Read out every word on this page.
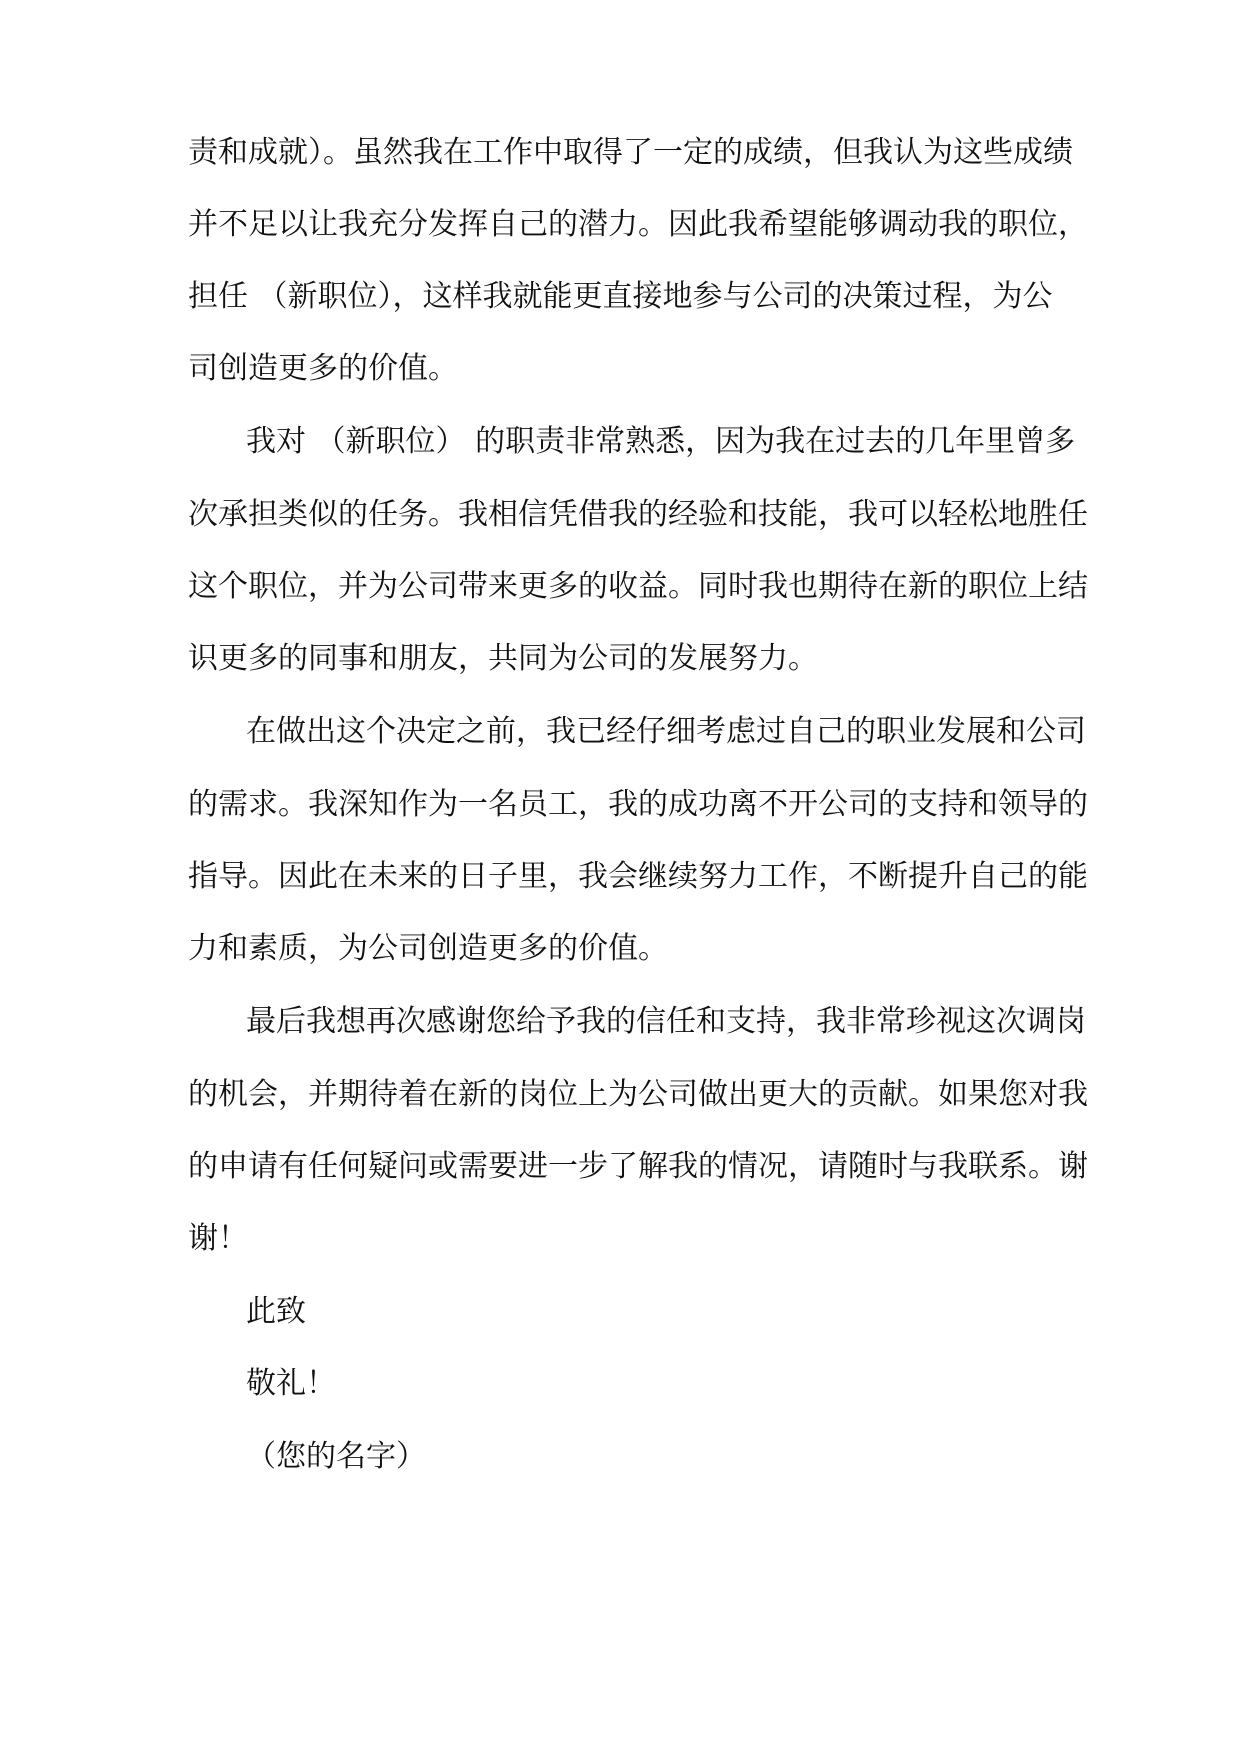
责和成就）。虽然我在工作中取得了一定的成绩，但我认为这些成绩
并不足以让我充分发挥自己的潜力。因此我希望能够调动我的职位，
担任 （新职位），这样我就能更直接地参与公司的决策过程，为公
司创造更多的价值。
我对 （新职位） 的职责非常熟悉，因为我在过去的几年里曾多
次承担类似的任务。我相信凭借我的经验和技能，我可以轻松地胜任
这个职位，并为公司带来更多的收益。同时我也期待在新的职位上结
识更多的同事和朋友，共同为公司的发展努力。
在做出这个决定之前，我已经仔细考虑过自己的职业发展和公司
的需求。我深知作为一名员工，我的成功离不开公司的支持和领导的
指导。因此在未来的日子里，我会继续努力工作，不断提升自己的能
力和素质，为公司创造更多的价值。
最后我想再次感谢您给予我的信任和支持，我非常珍视这次调岗
的机会，并期待着在新的岗位上为公司做出更大的贡献。如果您对我
的申请有任何疑问或需要进一步了解我的情况，请随时与我联系。谢
谢！
此致
敬礼！
（您的名字）
